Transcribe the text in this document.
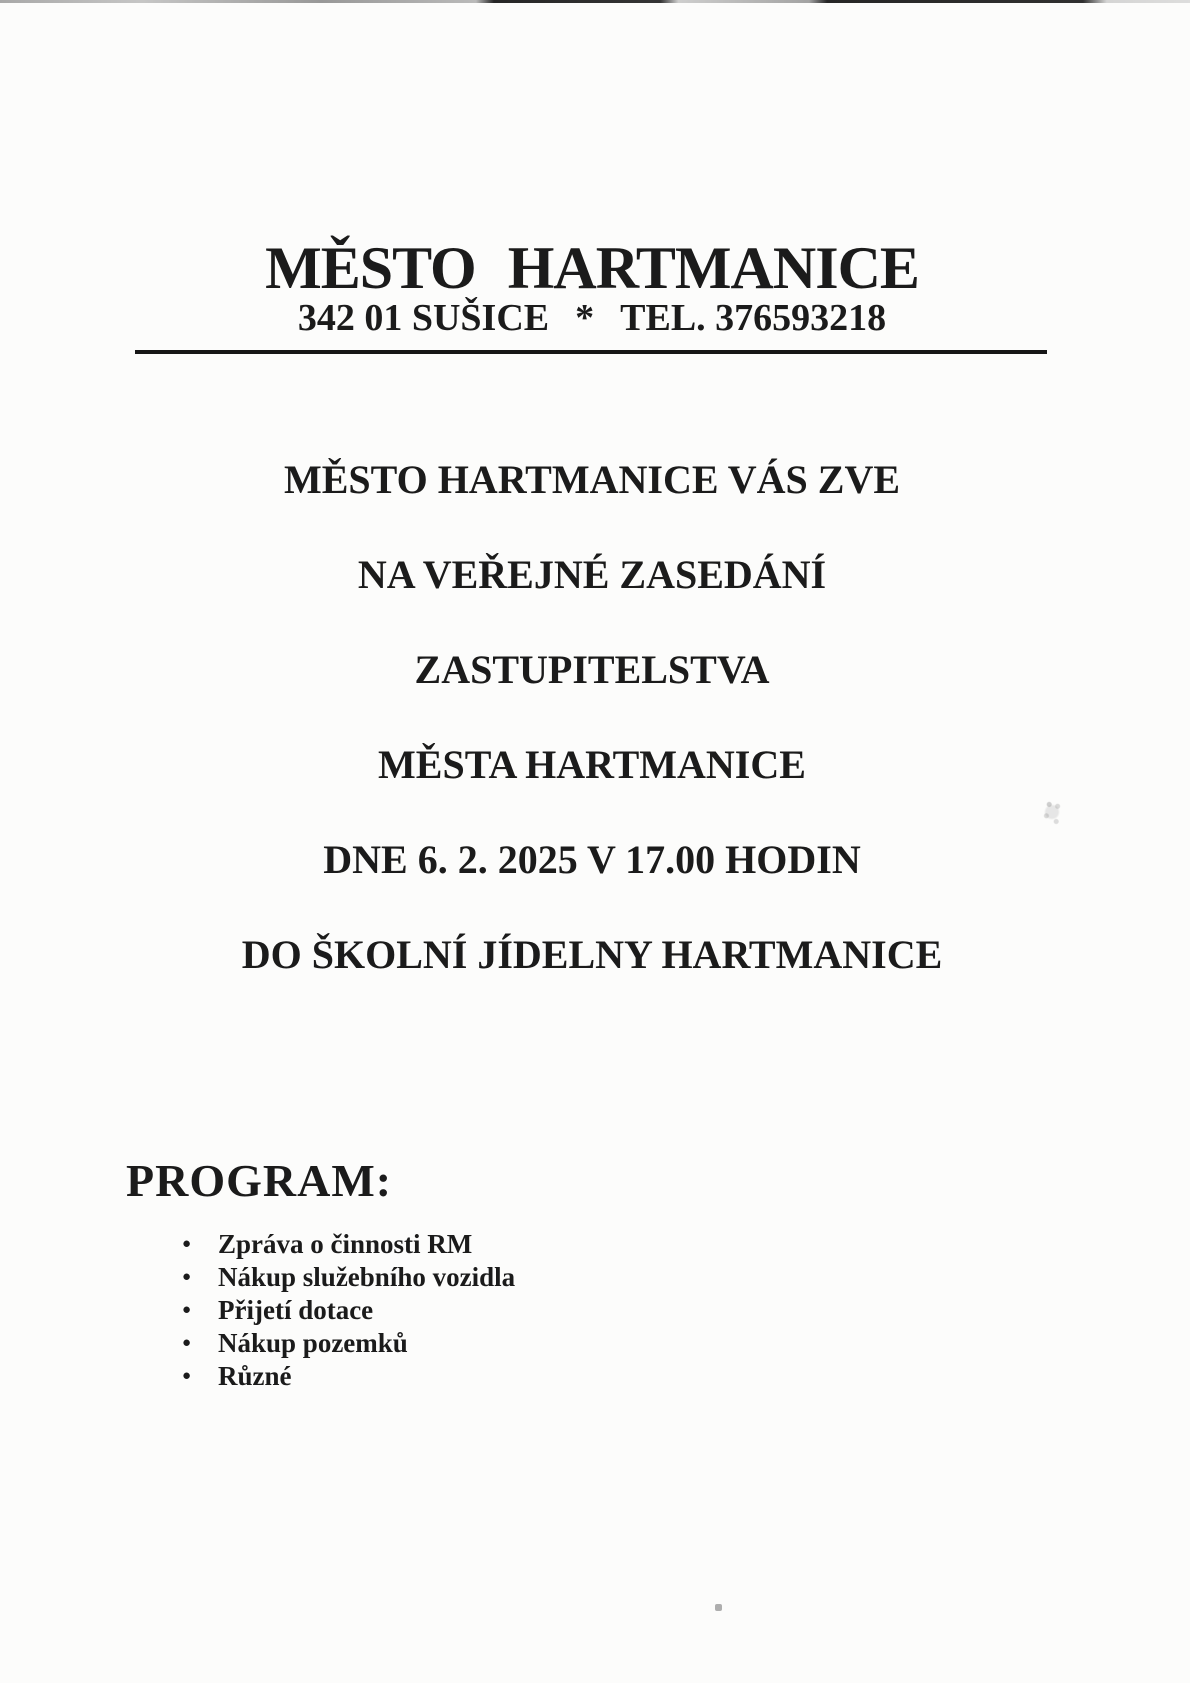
MĚSTO HARTMANICE
342 01 SUŠICE * TEL. 376593218
MĚSTO HARTMANICE VÁS ZVE
NA VEŘEJNÉ ZASEDÁNÍ
ZASTUPITELSTVA
MĚSTA HARTMANICE
DNE 6. 2. 2025 V 17.00 HODIN
DO ŠKOLNÍ JÍDELNY HARTMANICE
PROGRAM:
● Zpráva o činnosti RM
● Nákup služebního vozidla
● Přijetí dotace
● Nákup pozemků
● Různé
